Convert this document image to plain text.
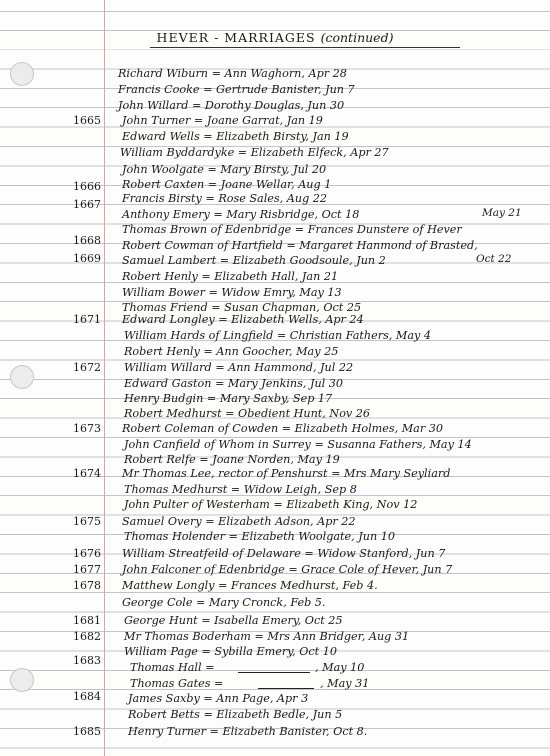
HEVER - MARRIAGES (continued)
1665
1666
1667
1668
1669
1671
1672
1673
1674
1675
1676
1677
1678
1681
1682
1683
1684
1685
Richard Wiburn = Ann Waghorn, Apr 28
Francis Cooke = Gertrude Banister, Jun 7
John Willard = Dorothy Douglas, Jun 30
John Turner = Joane Garrat, Jan 19
Edward Wells = Elizabeth Birsty, Jan 19
William Byddardyke = Elizabeth Elfeck, Apr 27
John Woolgate = Mary Birsty, Jul 20
Robert Caxten = Joane Wellar, Aug 1
Francis Birsty = Rose Sales, Aug 22
Anthony Emery = Mary Risbridge, Oct 18
Thomas Brown of Edenbridge = Frances Dunstere of Hever
Robert Cowman of Hartfield = Margaret Hanmond of Brasted,
Samuel Lambert = Elizabeth Goodsoule, Jun 2
Robert Henly = Elizabeth Hall, Jan 21
William Bower = Widow Emry, May 13
Thomas Friend = Susan Chapman, Oct 25
Edward Longley = Elizabeth Wells, Apr 24
William Hards of Lingfield = Christian Fathers, May 4
Robert Henly = Ann Goocher, May 25
William Willard = Ann Hammond, Jul 22
Edward Gaston = Mary Jenkins, Jul 30
Henry Budgin = Mary Saxby, Sep 17
Robert Medhurst = Obedient Hunt, Nov 26
Robert Coleman of Cowden = Elizabeth Holmes, Mar 30
John Canfield of Whom in Surrey = Susanna Fathers, May 14
Robert Relfe = Joane Norden, May 19
Mr Thomas Lee, rector of Penshurst = Mrs Mary Seyliard
Thomas Medhurst = Widow Leigh, Sep 8
John Pulter of Westerham = Elizabeth King, Nov 12
Samuel Overy = Elizabeth Adson, Apr 22
Thomas Holender = Elizabeth Woolgate, Jun 10
William Streatfeild of Delaware = Widow Stanford, Jun 7
John Falconer of Edenbridge = Grace Cole of Hever, Jun 7
Matthew Longly = Frances Medhurst, Feb 4.
George Cole = Mary Cronck, Feb 5.
George Hunt = Isabella Emery, Oct 25
Mr Thomas Boderham = Mrs Ann Bridger, Aug 31
William Page = Sybilla Emery, Oct 10
Thomas Hall =	, May 10
Thomas Gates =	, May 31
James Saxby = Ann Page, Apr 3
Robert Betts = Elizabeth Bedle, Jun 5
Henry Turner = Elizabeth Banister, Oct 8.
May 21
Oct 22
